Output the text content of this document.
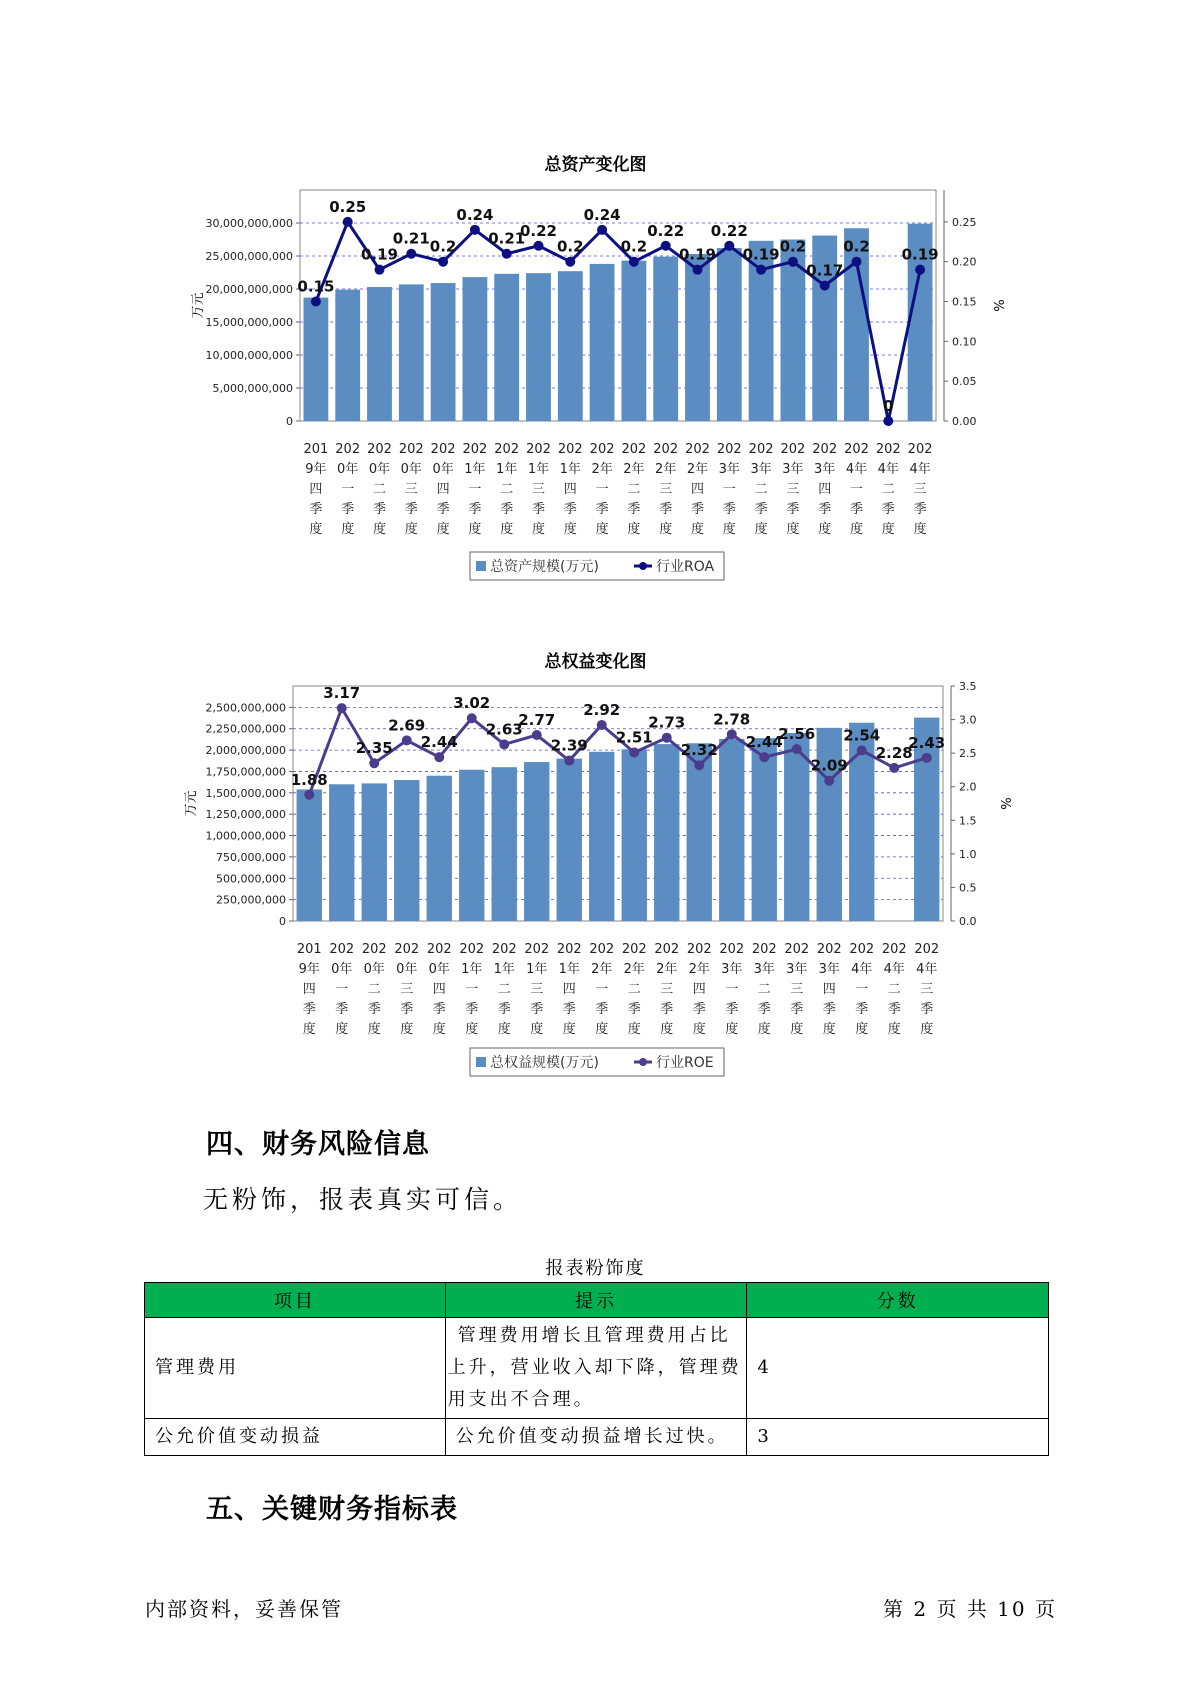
总资产变化图
0
5,000,000,000
10,000,000,000
15,000,000,000
20,000,000,000
25,000,000,000
30,000,000,000
0.00
0.05
0.10
0.15
0.20
0.25
万元	%
0.15
0.25
0.19
0.21 0.2
0.24
0.21
0.22
0.2
0.24
0.2
0.22
0.19
0.22
0.19 0.2
0.17
0.2
0
0.19
201 9年四季度
202 0年一季度
202 0年二季度
202 0年三季度
202 0年四季度
202 1年一季度
202 1年二季度
202 1年三季度
202 1年四季度
202 2年一季度
202 2年二季度
202 2年三季度
202 2年四季度
202 3年一季度
202 3年二季度
202 3年三季度
202 3年四季度
202 4年一季度
202 4年二季度
202 4年三季度
总资产规模(万元)	行业ROA
总权益变化图
0
250,000,000
500,000,000
750,000,000
1,000,000,000
1,250,000,000
1,500,000,000
1,750,000,000
2,000,000,000
2,250,000,000
2,500,000,000
0.0
0.5
1.0
1.5
2.0
2.5
3.0
3.5
万元	%
1.88
3.17
2.35
2.69
2.44
3.02
2.63
2.77
2.39
2.92
2.51
2.73
2.32
2.78
2.44
2.56
2.09
2.54
2.28
2.43
201 9年四季度
202 0年一季度
202 0年二季度
202 0年三季度
202 0年四季度
202 1年一季度
202 1年二季度
202 1年三季度
202 1年四季度
202 2年一季度
202 2年二季度
202 2年三季度
202 2年四季度
202 3年一季度
202 3年二季度
202 3年三季度
202 3年四季度
202 4年一季度
202 4年二季度
202 4年三季度
总权益规模(万元)	行业ROE
四、财务风险信息
无粉饰，报表真实可信。
报表粉饰度
项目	提示	分数
管理费用	管理费用增长且管理费用占比上升，营业收入却下降，管理费用支出不合理。	4
公允价值变动损益	公允价值变动损益增长过快。	3
五、关键财务指标表
内部资料，妥善保管	第 2 页 共 10 页
